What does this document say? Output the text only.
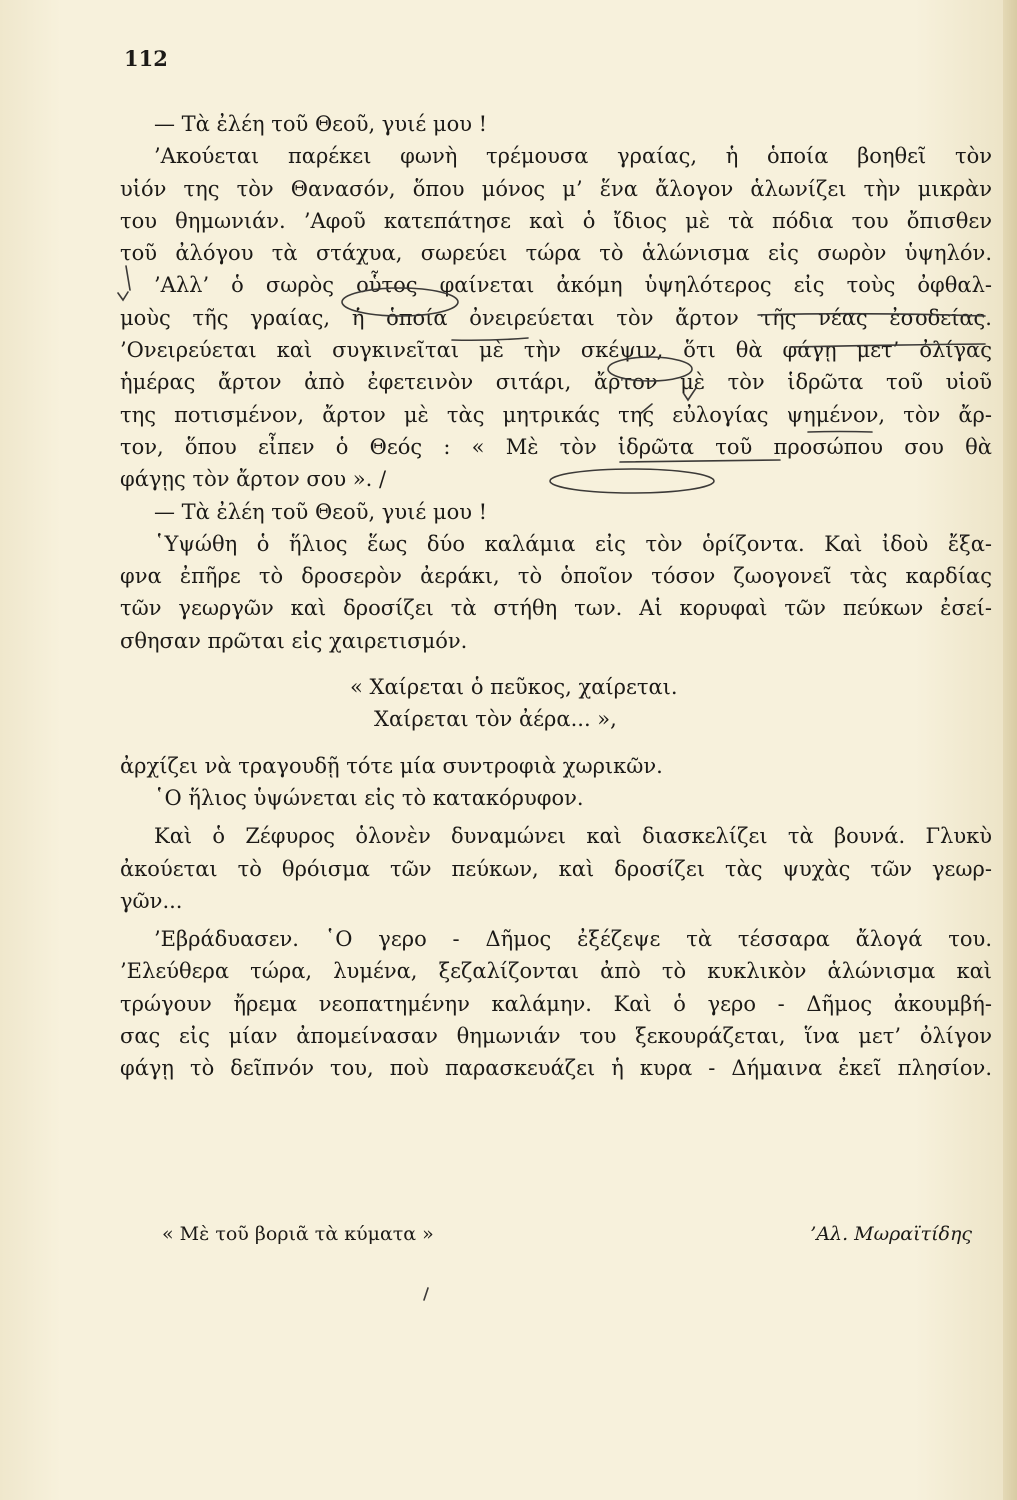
112
— Τὰ ἐλέη τοῦ Θεοῦ, γυιέ μου !
’Ακούεται παρέκει φωνὴ τρέμουσα γραίας, ἡ ὁποία βοηθεῖ τὸν
υἱόν της τὸν Θανασόν, ὅπου μόνος μ’ ἕνα ἄλογον ἁλωνίζει τὴν μικρὰν
του θημωνιάν. ’Αφοῦ κατεπάτησε καὶ ὁ ἴδιος μὲ τὰ πόδια του ὄπισθεν
τοῦ ἀλόγου τὰ στάχυα, σωρεύει τώρα τὸ ἁλώνισμα εἰς σωρὸν ὑψηλόν.
’Αλλ’ ὁ σωρὸς οὗτος φαίνεται ἀκόμη ὑψηλότερος εἰς τοὺς ὀφθαλ-
μοὺς τῆς γραίας, ἡ ὁποία ὀνειρεύεται τὸν ἄρτον τῆς νέας ἐσοδείας.
’Ονειρεύεται καὶ συγκινεῖται μὲ τὴν σκέψιν, ὅτι θὰ φάγῃ μετ’ ὀλίγας
ἡμέρας ἄρτον ἀπὸ ἐφετεινὸν σιτάρι, ἄρτον μὲ τὸν ἱδρῶτα τοῦ υἱοῦ
της ποτισμένον, ἄρτον μὲ τὰς μητρικάς της εὐλογίας ψημένον, τὸν ἄρ-
τον, ὅπου εἶπεν ὁ Θεός : « Μὲ τὸν ἱδρῶτα τοῦ προσώπου σου θὰ
φάγῃς τὸν ἄρτον σου ». /
— Τὰ ἐλέη τοῦ Θεοῦ, γυιέ μου !
῾Υψώθη ὁ ἥλιος ἕως δύο καλάμια εἰς τὸν ὁρίζοντα. Καὶ ἰδοὺ ἔξα-
φνα ἐπῆρε τὸ δροσερὸν ἀεράκι, τὸ ὁποῖον τόσον ζωογονεῖ τὰς καρδίας
τῶν γεωργῶν καὶ δροσίζει τὰ στήθη των. Αἱ κορυφαὶ τῶν πεύκων ἐσεί-
σθησαν πρῶται εἰς χαιρετισμόν.
« Χαίρεται ὁ πεῦκος, χαίρεται.
Χαίρεται τὸν ἀέρα... »,
ἀρχίζει νὰ τραγουδῇ τότε μία συντροφιὰ χωρικῶν.
῾Ο ἥλιος ὑψώνεται εἰς τὸ κατακόρυφον.
Καὶ ὁ Ζέφυρος ὁλονὲν δυναμώνει καὶ διασκελίζει τὰ βουνά. Γλυκὺ
ἀκούεται τὸ θρόισμα τῶν πεύκων, καὶ δροσίζει τὰς ψυχὰς τῶν γεωρ-
γῶν...
’Εβράδυασεν. ῾Ο γερο - Δῆμος ἐξέζεψε τὰ τέσσαρα ἄλογά του.
’Ελεύθερα τώρα, λυμένα, ξεζαλίζονται ἀπὸ τὸ κυκλικὸν ἁλώνισμα καὶ
τρώγουν ἤρεμα νεοπατημένην καλάμην. Καὶ ὁ γερο - Δῆμος ἀκουμβή-
σας εἰς μίαν ἀπομείνασαν θημωνιάν του ξεκουράζεται, ἵνα μετ’ ὀλίγον
φάγῃ τὸ δεῖπνόν του, ποὺ παρασκευάζει ἡ κυρα - Δήμαινα ἐκεῖ πλησίον.
« Μὲ τοῦ βοριᾶ τὰ κύματα »	’Αλ. Μωραϊτίδης
